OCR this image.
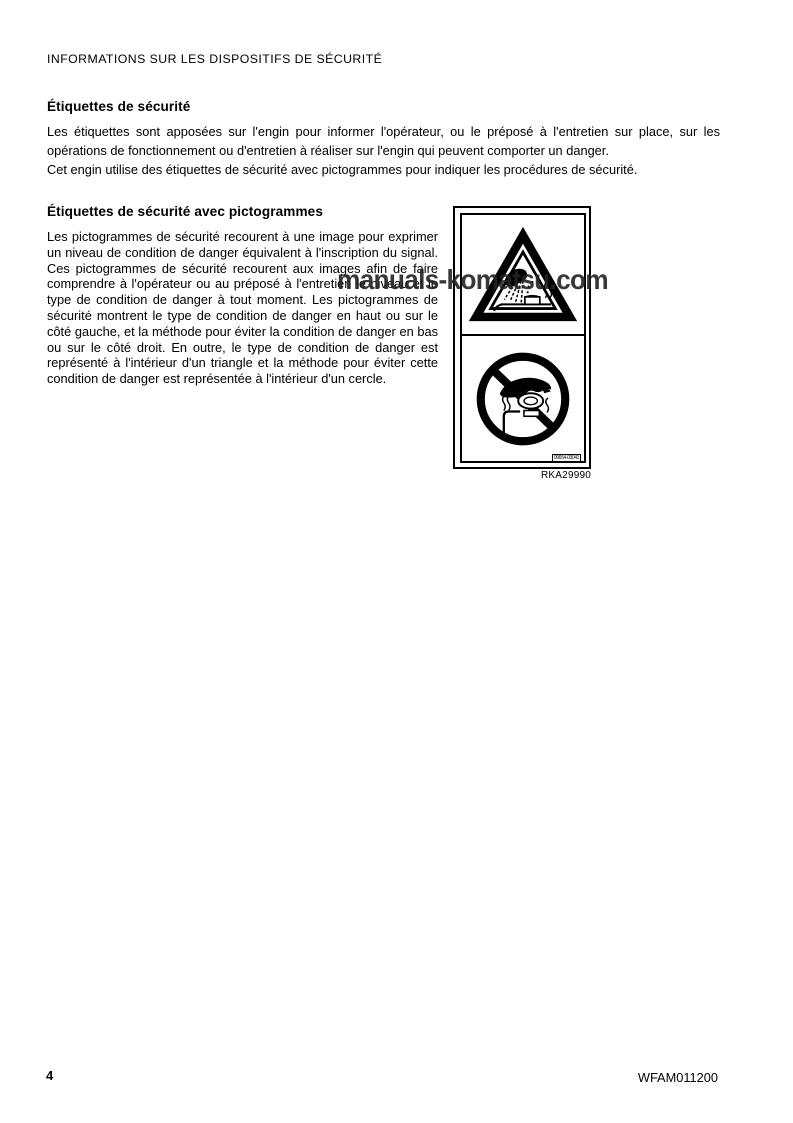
INFORMATIONS SUR LES DISPOSITIFS DE SÉCURITÉ
Étiquettes de sécurité

Les étiquettes sont apposées sur l'engin pour informer l'opérateur, ou le préposé à l'entretien sur place, sur les opérations de fonctionnement ou d'entretien à réaliser sur l'engin qui peuvent comporter un danger.

Cet engin utilise des étiquettes de sécurité avec pictogrammes pour indiquer les procédures de sécurité.

Étiquettes de sécurité avec pictogrammes

Les pictogrammes de sécurité recourent à une image pour exprimer un niveau de condition de danger équivalent à l'inscription du signal. Ces pictogrammes de sécurité recourent aux images afin de faire comprendre à l'opérateur ou au préposé à l'entretien le niveau et le type de condition de danger à tout moment. Les pictogrammes de sécurité montrent le type de condition de danger en haut ou sur le côté gauche, et la méthode pour éviter la condition de danger en bas ou sur le côté droit. En outre, le type de condition de danger est représenté à l'intérieur d'un triangle et la méthode pour éviter cette condition de danger est représentée à l'intérieur d'un cercle.

09654-03041
RKA29990
manuals-komatsu.com
4	WFAM011200
